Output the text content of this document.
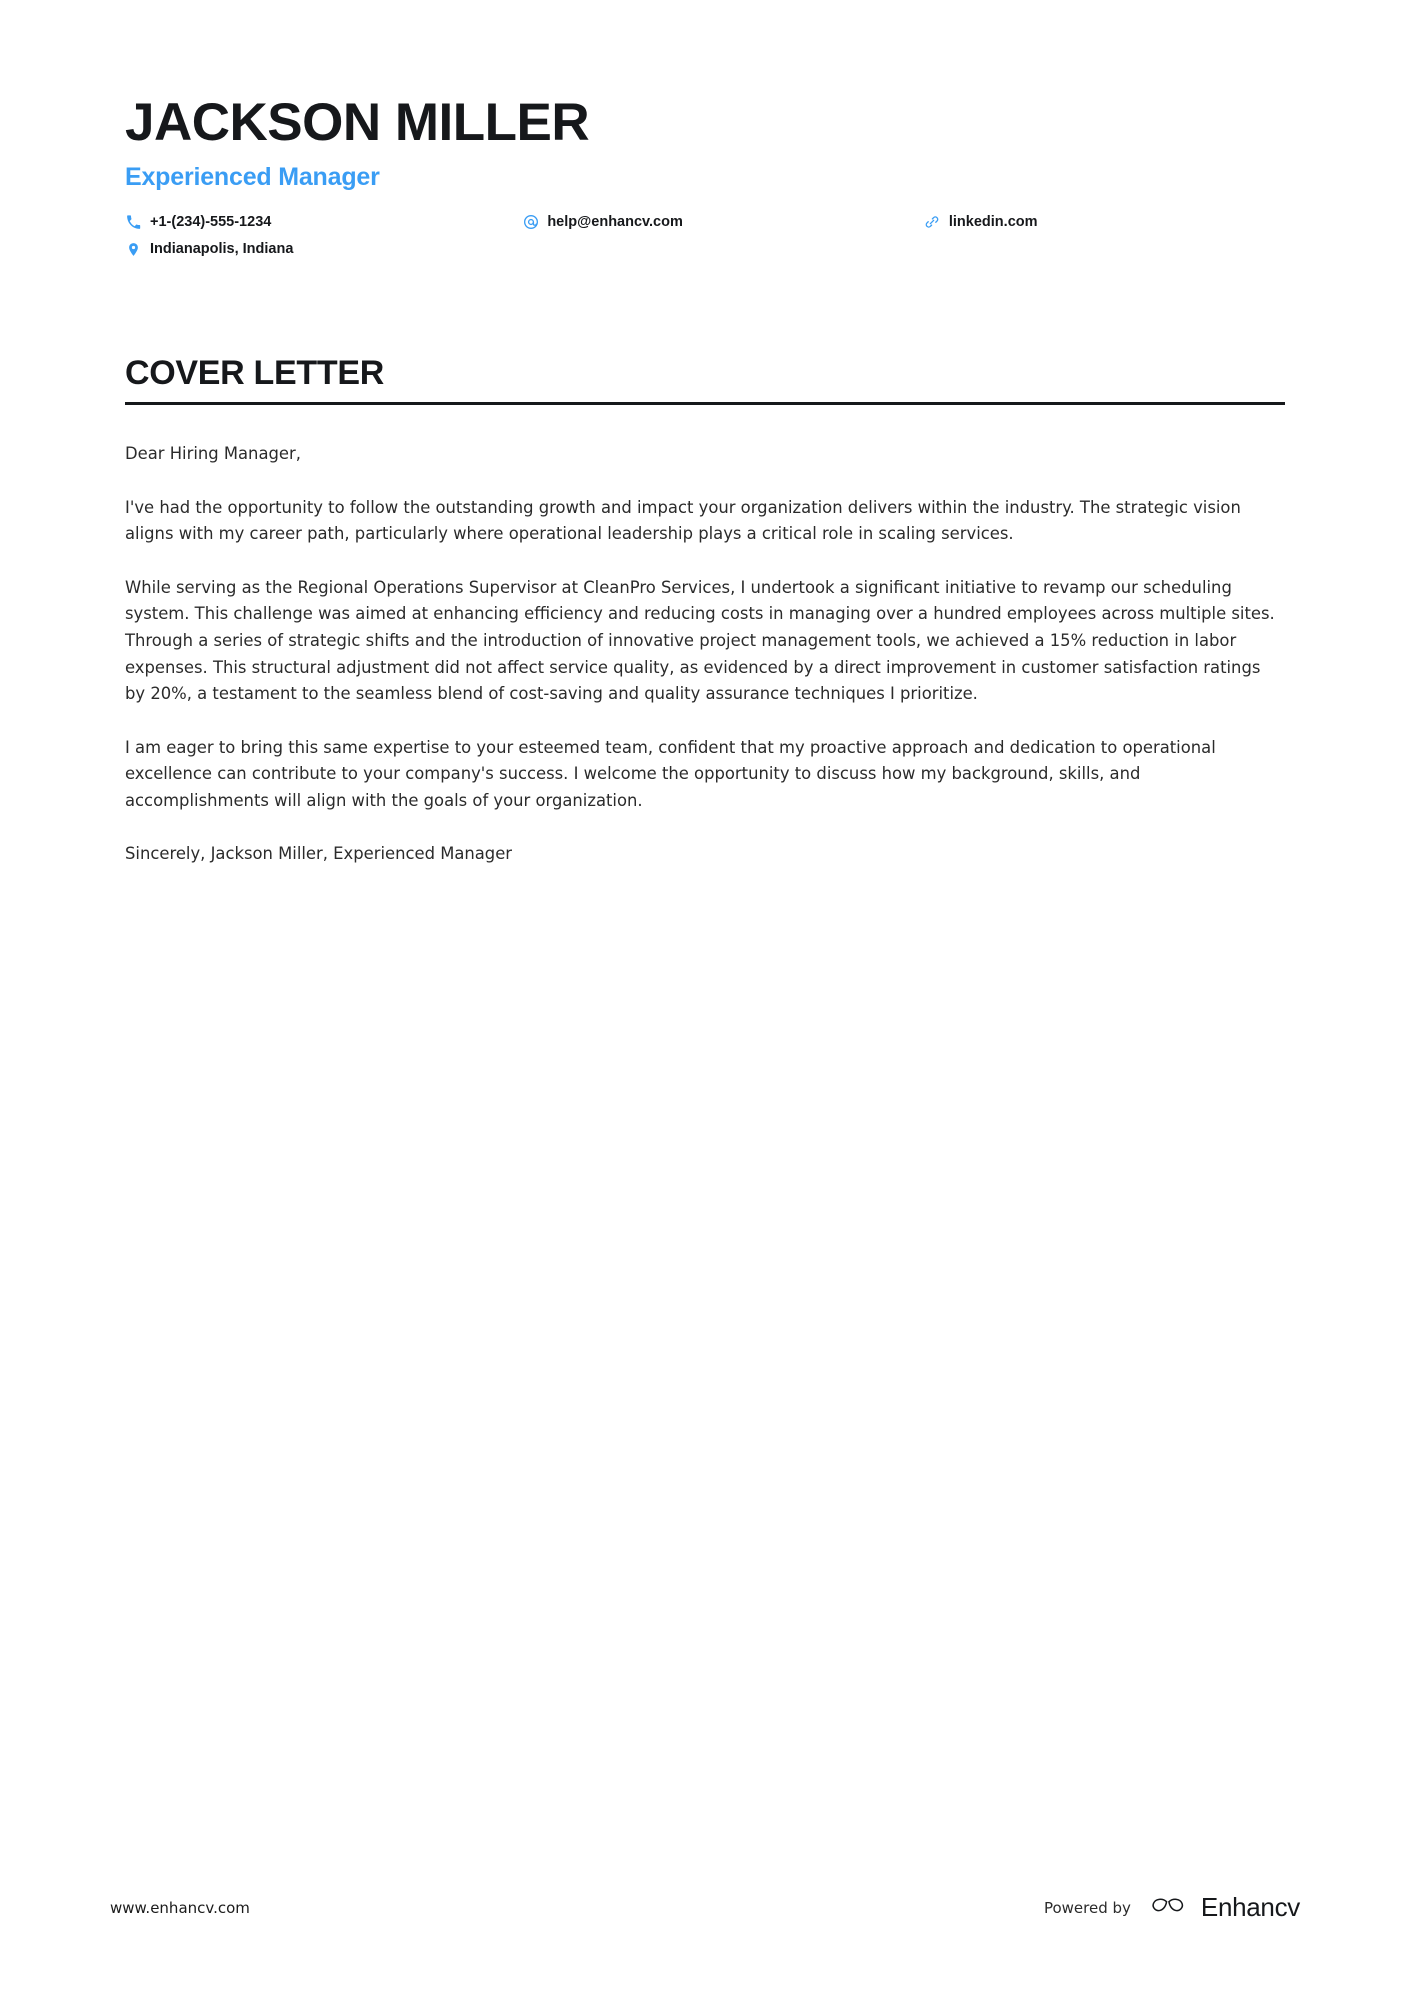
JACKSON MILLER
Experienced Manager
+1-(234)-555-1234	help@enhancv.com	linkedin.com
Indianapolis, Indiana
COVER LETTER

Dear Hiring Manager,

I've had the opportunity to follow the outstanding growth and impact your organization delivers within the industry. The strategic vision aligns with my career path, particularly where operational leadership plays a critical role in scaling services.

While serving as the Regional Operations Supervisor at CleanPro Services, I undertook a significant initiative to revamp our scheduling system. This challenge was aimed at enhancing efficiency and reducing costs in managing over a hundred employees across multiple sites. Through a series of strategic shifts and the introduction of innovative project management tools, we achieved a 15% reduction in labor expenses. This structural adjustment did not affect service quality, as evidenced by a direct improvement in customer satisfaction ratings by 20%, a testament to the seamless blend of cost-saving and quality assurance techniques I prioritize.

I am eager to bring this same expertise to your esteemed team, confident that my proactive approach and dedication to operational excellence can contribute to your company's success. I welcome the opportunity to discuss how my background, skills, and accomplishments will align with the goals of your organization.

Sincerely, Jackson Miller, Experienced Manager

www.enhancv.com	Powered by	Enhancv
